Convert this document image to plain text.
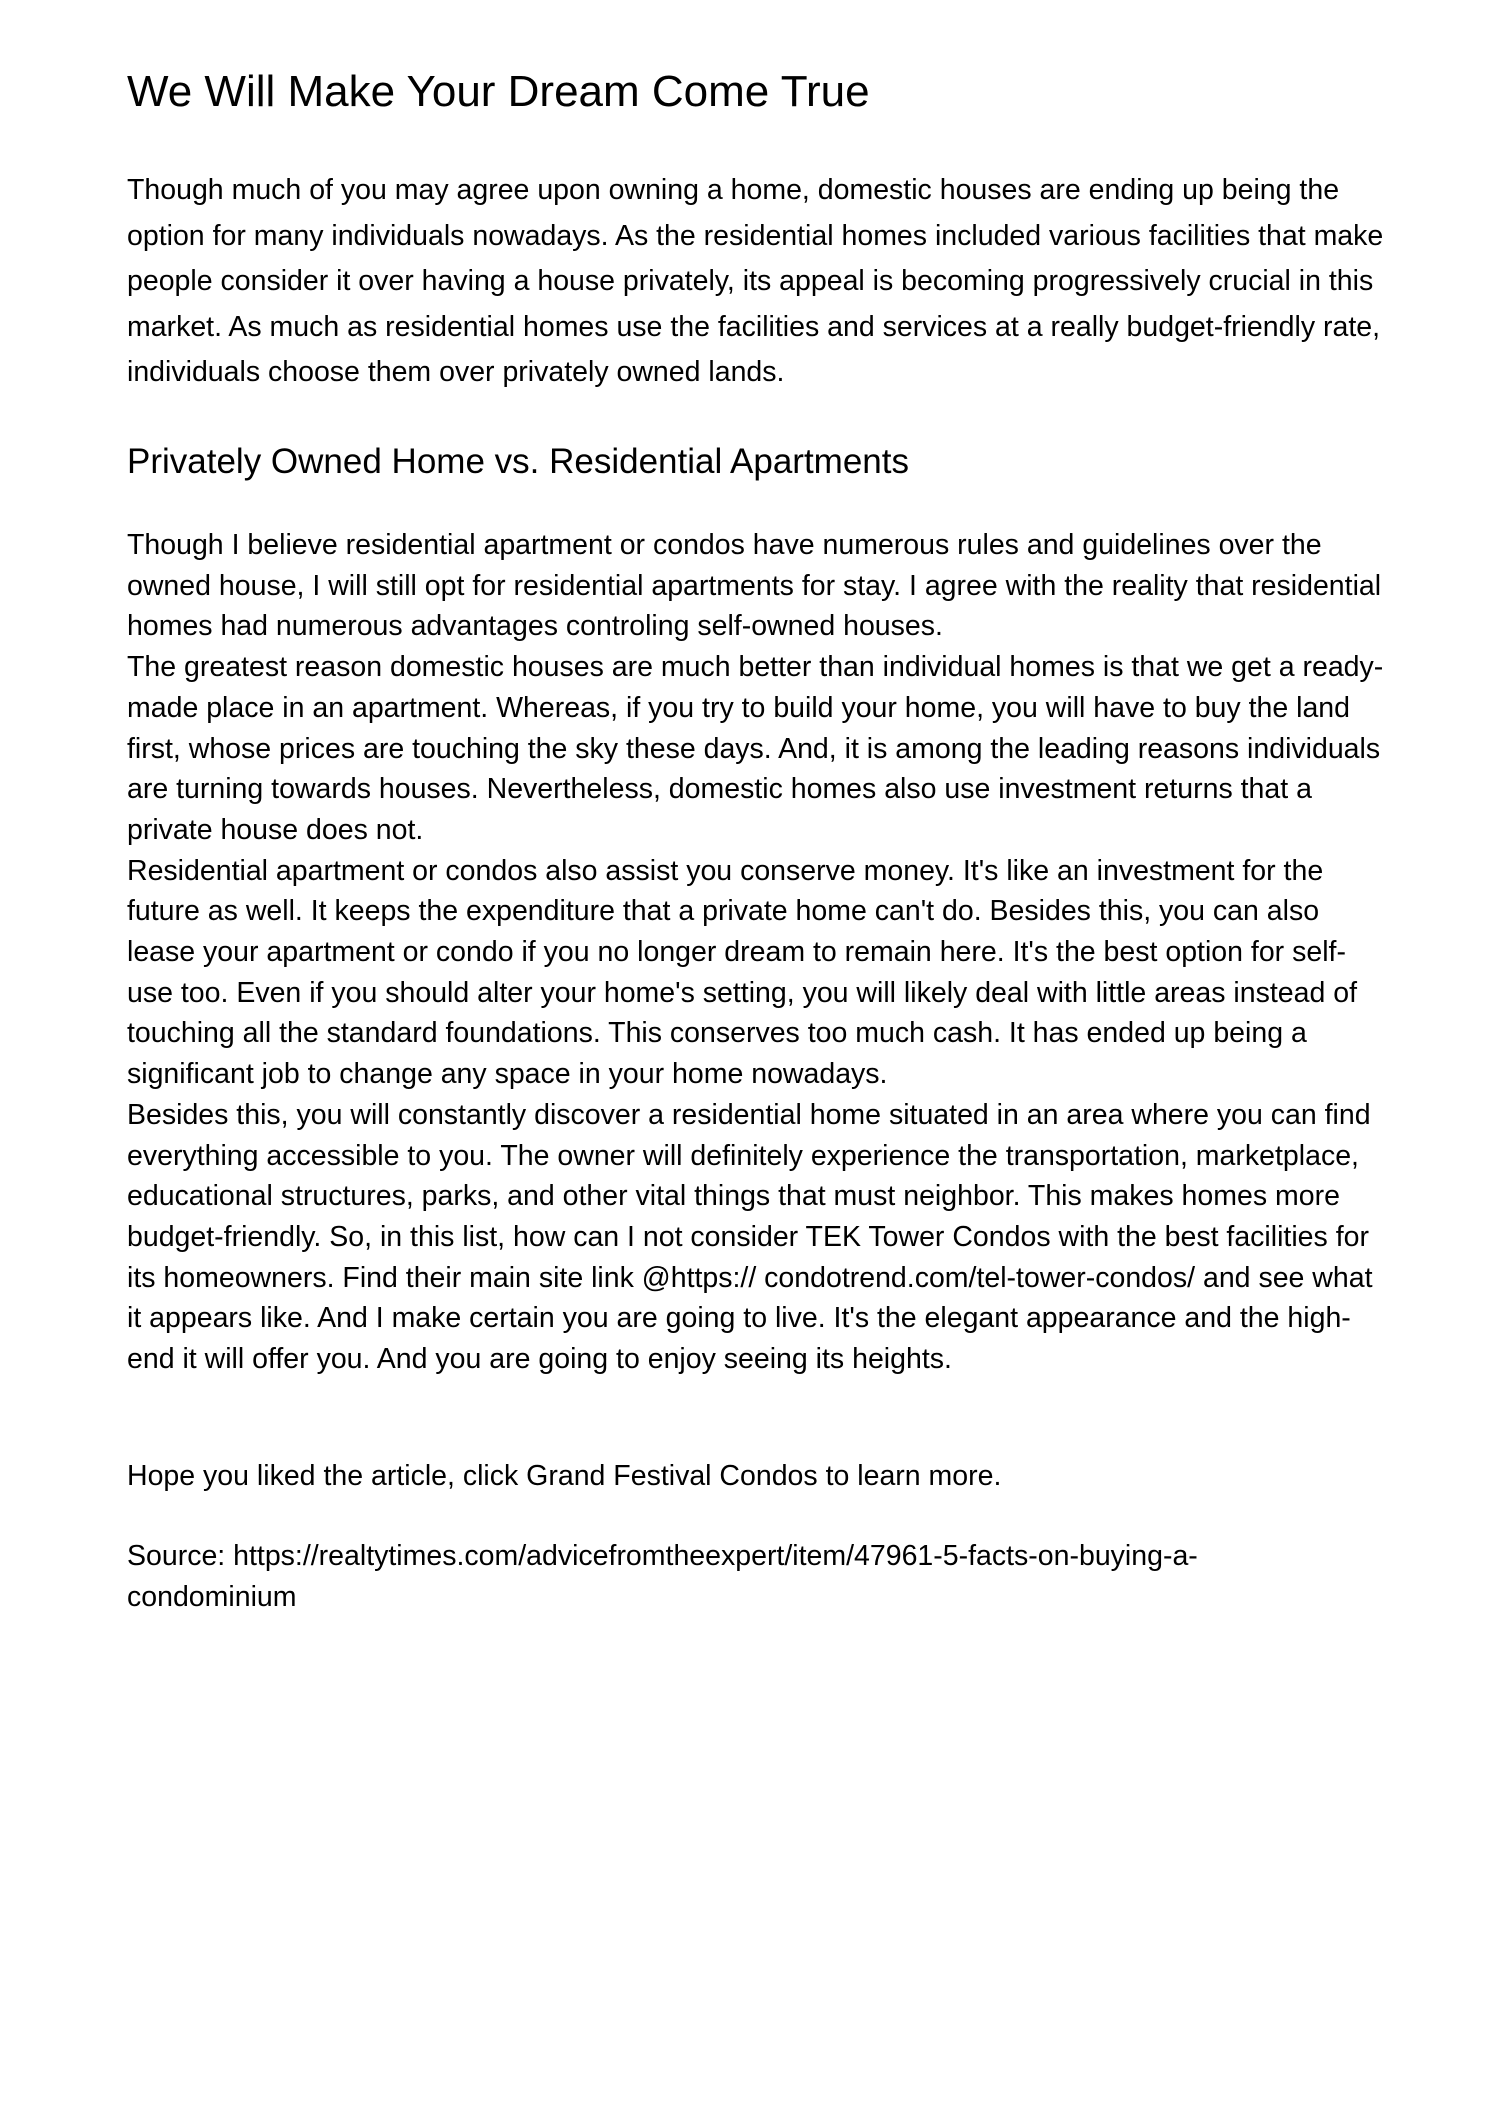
We Will Make Your Dream Come True

Though much of you may agree upon owning a home, domestic houses are ending up being the option for many individuals nowadays. As the residential homes included various facilities that make people consider it over having a house privately, its appeal is becoming progressively crucial in this market. As much as residential homes use the facilities and services at a really budget-friendly rate, individuals choose them over privately owned lands.

Privately Owned Home vs. Residential Apartments

Though I believe residential apartment or condos have numerous rules and guidelines over the owned house, I will still opt for residential apartments for stay. I agree with the reality that residential homes had numerous advantages controling self-owned houses.

The greatest reason domestic houses are much better than individual homes is that we get a ready-made place in an apartment. Whereas, if you try to build your home, you will have to buy the land first, whose prices are touching the sky these days. And, it is among the leading reasons individuals are turning towards houses. Nevertheless, domestic homes also use investment returns that a private house does not.

Residential apartment or condos also assist you conserve money. It's like an investment for the future as well. It keeps the expenditure that a private home can't do. Besides this, you can also lease your apartment or condo if you no longer dream to remain here. It's the best option for self-use too. Even if you should alter your home's setting, you will likely deal with little areas instead of touching all the standard foundations. This conserves too much cash. It has ended up being a significant job to change any space in your home nowadays.

Besides this, you will constantly discover a residential home situated in an area where you can find everything accessible to you. The owner will definitely experience the transportation, marketplace, educational structures, parks, and other vital things that must neighbor. This makes homes more budget-friendly. So, in this list, how can I not consider TEK Tower Condos with the best facilities for its homeowners. Find their main site link @https:// condotrend.com/tel-tower-condos/ and see what it appears like. And I make certain you are going to live. It's the elegant appearance and the high-end it will offer you. And you are going to enjoy seeing its heights.

Hope you liked the article, click Grand Festival Condos to learn more.

Source: https://realtytimes.com/advicefromtheexpert/item/47961-5-facts-on-buying-a-
condominium
